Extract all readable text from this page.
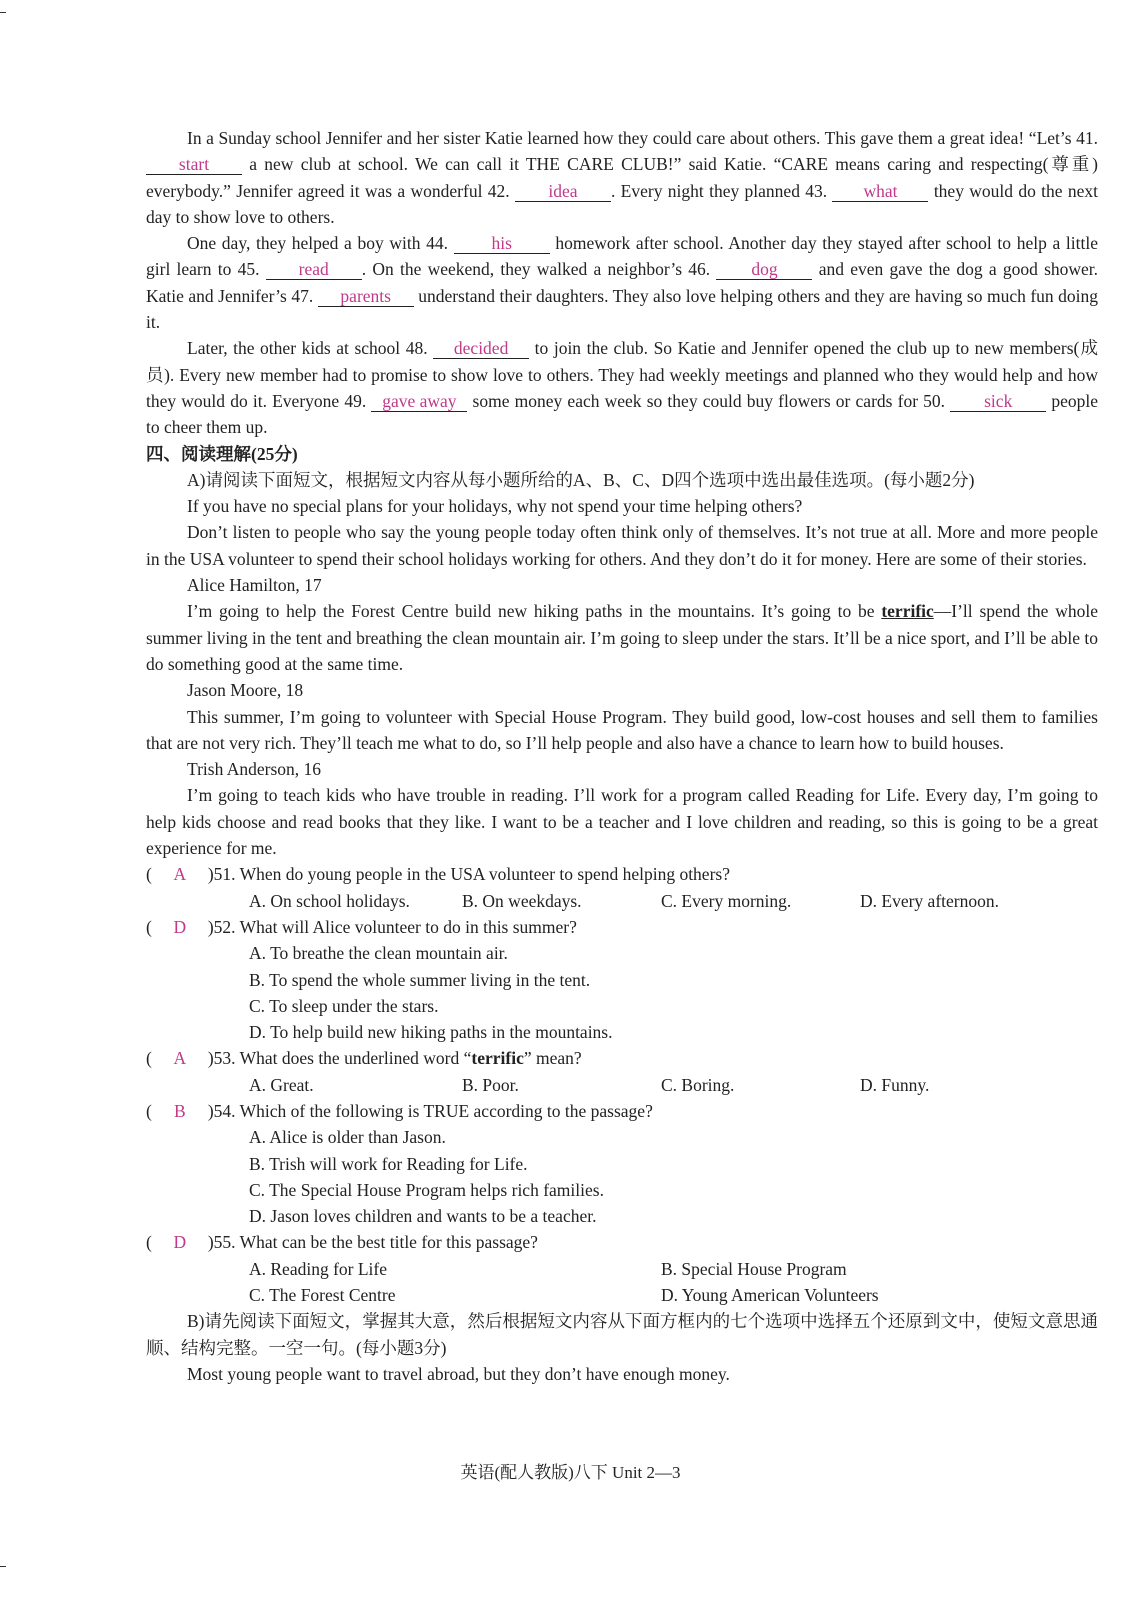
In a Sunday school Jennifer and her sister Katie learned how they could care about others. This gave them a great idea! “Let’s 41. start a new club at school. We can call it THE CARE CLUB!” said Katie. “CARE means caring and respecting(尊重) everybody.” Jennifer agreed it was a wonderful 42. idea . Every night they planned 43. what they would do the next day to show love to others.

One day, they helped a boy with 44. his homework after school. Another day they stayed after school to help a little girl learn to 45. read . On the weekend, they walked a neighbor’s 46. dog and even gave the dog a good shower. Katie and Jennifer’s 47. parents understand their daughters. They also love helping others and they are having so much fun doing it.

Later, the other kids at school 48. decided to join the club. So Katie and Jennifer opened the club up to new members(成员). Every new member had to promise to show love to others. They had weekly meetings and planned who they would help and how they would do it. Everyone 49. gave away some money each week so they could buy flowers or cards for 50. sick people to cheer them up.

四、阅读理解(25分)

A)请阅读下面短文，根据短文内容从每小题所给的A、B、C、D四个选项中选出最佳选项。(每小题2分)

If you have no special plans for your holidays, why not spend your time helping others?

Don’t listen to people who say the young people today often think only of themselves. It’s not true at all. More and more people in the USA volunteer to spend their school holidays working for others. And they don’t do it for money. Here are some of their stories.

Alice Hamilton, 17

I’m going to help the Forest Centre build new hiking paths in the mountains. It’s going to be terrific—I’ll spend the whole summer living in the tent and breathing the clean mountain air. I’m going to sleep under the stars. It’ll be a nice sport, and I’ll be able to do something good at the same time.

Jason Moore, 18

This summer, I’m going to volunteer with Special House Program. They build good, low-cost houses and sell them to families that are not very rich. They’ll teach me what to do, so I’ll help people and also have a chance to learn how to build houses.

Trish Anderson, 16

I’m going to teach kids who have trouble in reading. I’ll work for a program called Reading for Life. Every day, I’m going to help kids choose and read books that they like. I want to be a teacher and I love children and reading, so this is going to be a great experience for me.

( A )51. When do young people in the USA volunteer to spend helping others?

A. On school holidays.	B. On weekdays.	C. Every morning.	D. Every afternoon.

( D )52. What will Alice volunteer to do in this summer?

A. To breathe the clean mountain air.

B. To spend the whole summer living in the tent.

C. To sleep under the stars.

D. To help build new hiking paths in the mountains.

( A )53. What does the underlined word “terrific” mean?

A. Great.	B. Poor.	C. Boring.	D. Funny.

( B )54. Which of the following is TRUE according to the passage?

A. Alice is older than Jason.

B. Trish will work for Reading for Life.

C. The Special House Program helps rich families.

D. Jason loves children and wants to be a teacher.

( D )55. What can be the best title for this passage?

A. Reading for Life	B. Special House Program

C. The Forest Centre	D. Young American Volunteers

B)请先阅读下面短文，掌握其大意，然后根据短文内容从下面方框内的七个选项中选择五个还原到文中，使短文意思通顺、结构完整。一空一句。(每小题3分)

Most young people want to travel abroad, but they don’t have enough money.

英语(配人教版)八下 Unit 2—3
